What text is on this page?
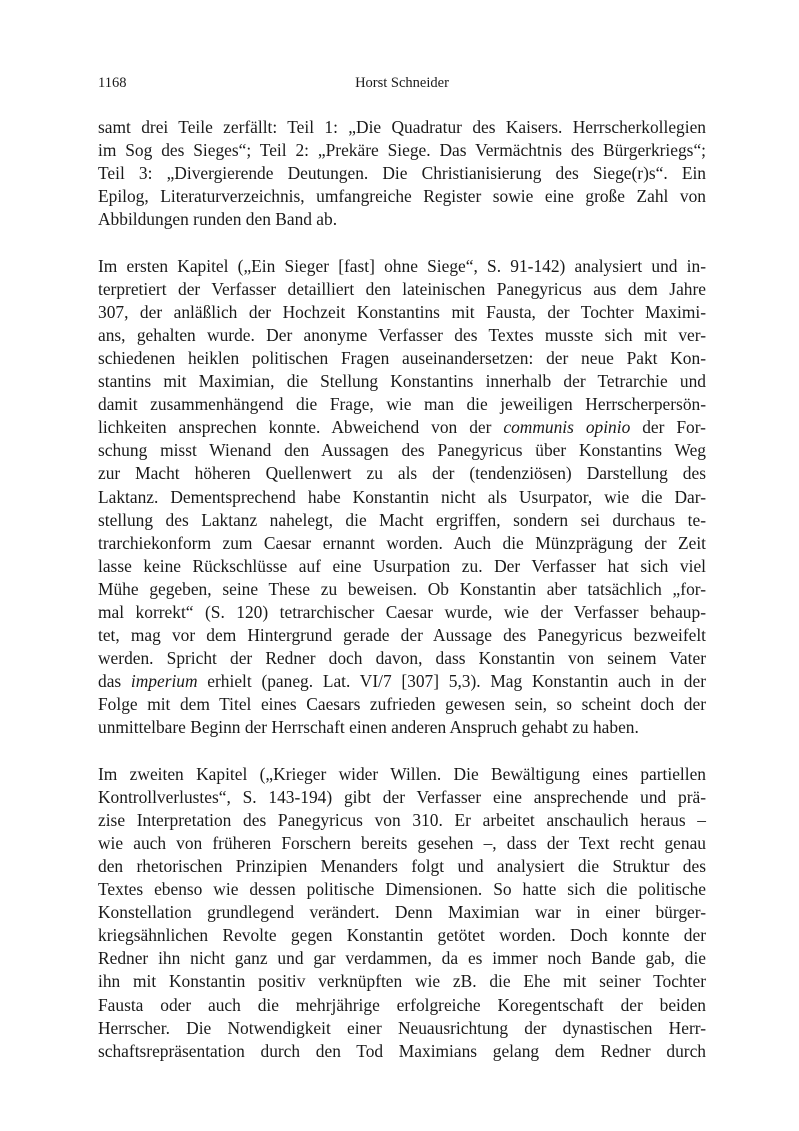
1168	Horst Schneider
samt drei Teile zerfällt: Teil 1: „Die Quadratur des Kaisers. Herrscherkollegien
im Sog des Sieges“; Teil 2: „Prekäre Siege. Das Vermächtnis des Bürgerkriegs“;
Teil 3: „Divergierende Deutungen. Die Christianisierung des Siege(r)s“. Ein
Epilog, Literaturverzeichnis, umfangreiche Register sowie eine große Zahl von
Abbildungen runden den Band ab.
Im ersten Kapitel („Ein Sieger [fast] ohne Siege“, S. 91-142) analysiert und in-
terpretiert der Verfasser detailliert den lateinischen Panegyricus aus dem Jahre
307, der anläßlich der Hochzeit Konstantins mit Fausta, der Tochter Maximi-
ans, gehalten wurde. Der anonyme Verfasser des Textes musste sich mit ver-
schiedenen heiklen politischen Fragen auseinandersetzen: der neue Pakt Kon-
stantins mit Maximian, die Stellung Konstantins innerhalb der Tetrarchie und
damit zusammenhängend die Frage, wie man die jeweiligen Herrscherpersön-
lichkeiten ansprechen konnte. Abweichend von der communis opinio der For-
schung misst Wienand den Aussagen des Panegyricus über Konstantins Weg
zur Macht höheren Quellenwert zu als der (tendenziösen) Darstellung des
Laktanz. Dementsprechend habe Konstantin nicht als Usurpator, wie die Dar-
stellung des Laktanz nahelegt, die Macht ergriffen, sondern sei durchaus te-
trarchiekonform zum Caesar ernannt worden. Auch die Münzprägung der Zeit
lasse keine Rückschlüsse auf eine Usurpation zu. Der Verfasser hat sich viel
Mühe gegeben, seine These zu beweisen. Ob Konstantin aber tatsächlich „for-
mal korrekt“ (S. 120) tetrarchischer Caesar wurde, wie der Verfasser behaup-
tet, mag vor dem Hintergrund gerade der Aussage des Panegyricus bezweifelt
werden. Spricht der Redner doch davon, dass Konstantin von seinem Vater
das imperium erhielt (paneg. Lat. VI/7 [307] 5,3). Mag Konstantin auch in der
Folge mit dem Titel eines Caesars zufrieden gewesen sein, so scheint doch der
unmittelbare Beginn der Herrschaft einen anderen Anspruch gehabt zu haben.
Im zweiten Kapitel („Krieger wider Willen. Die Bewältigung eines partiellen
Kontrollverlustes“, S. 143-194) gibt der Verfasser eine ansprechende und prä-
zise Interpretation des Panegyricus von 310. Er arbeitet anschaulich heraus –
wie auch von früheren Forschern bereits gesehen –, dass der Text recht genau
den rhetorischen Prinzipien Menanders folgt und analysiert die Struktur des
Textes ebenso wie dessen politische Dimensionen. So hatte sich die politische
Konstellation grundlegend verändert. Denn Maximian war in einer bürger-
kriegsähnlichen Revolte gegen Konstantin getötet worden. Doch konnte der
Redner ihn nicht ganz und gar verdammen, da es immer noch Bande gab, die
ihn mit Konstantin positiv verknüpften wie zB. die Ehe mit seiner Tochter
Fausta oder auch die mehrjährige erfolgreiche Koregentschaft der beiden
Herrscher. Die Notwendigkeit einer Neuausrichtung der dynastischen Herr-
schaftsrepräsentation durch den Tod Maximians gelang dem Redner durch
